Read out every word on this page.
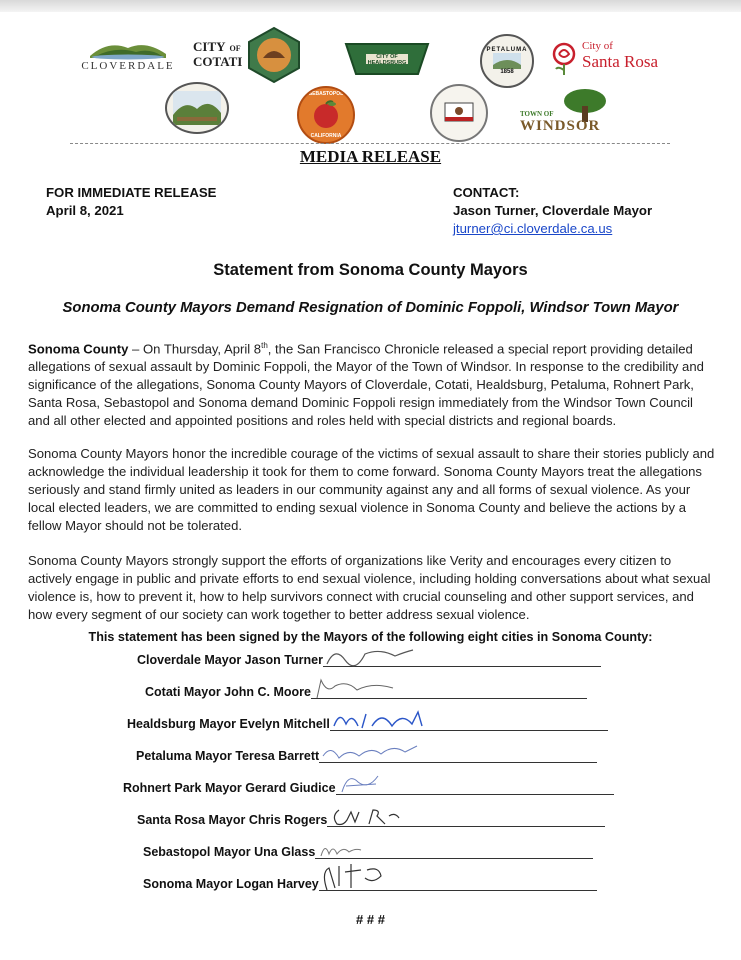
CLOVERDALE
CITY OF
COTATI	CITY OF HEALDSBURG
PETALUMA
1858
City of
Santa Rosa
SEBASTOPOL
CALIFORNIA
TOWN OF
WINDSOR
MEDIA RELEASE
FOR IMMEDIATE RELEASE
April 8, 2021
CONTACT:
Jason Turner, Cloverdale Mayor
jturner@ci.cloverdale.ca.us
Statement from Sonoma County Mayors
Sonoma County Mayors Demand Resignation of Dominic Foppoli, Windsor Town Mayor
Sonoma County – On Thursday, April 8th, the San Francisco Chronicle released a special report providing detailed allegations of sexual assault by Dominic Foppoli, the Mayor of the Town of Windsor. In response to the credibility and significance of the allegations, Sonoma County Mayors of Cloverdale, Cotati, Healdsburg, Petaluma, Rohnert Park, Santa Rosa, Sebastopol and Sonoma demand Dominic Foppoli resign immediately from the Windsor Town Council and all other elected and appointed positions and roles held with special districts and regional boards.
Sonoma County Mayors honor the incredible courage of the victims of sexual assault to share their stories publicly and acknowledge the individual leadership it took for them to come forward. Sonoma County Mayors treat the allegations seriously and stand firmly united as leaders in our community against any and all forms of sexual violence. As your local elected leaders, we are committed to ending sexual violence in Sonoma County and believe the actions by a fellow Mayor should not be tolerated.
Sonoma County Mayors strongly support the efforts of organizations like Verity and encourages every citizen to actively engage in public and private efforts to end sexual violence, including holding conversations about what sexual violence is, how to prevent it, how to help survivors connect with crucial counseling and other support services, and how every segment of our society can work together to better address sexual violence.
This statement has been signed by the Mayors of the following eight cities in Sonoma County:
Cloverdale Mayor Jason Turner
Cotati Mayor John C. Moore
Healdsburg Mayor Evelyn Mitchell
Petaluma Mayor Teresa Barrett
Rohnert Park Mayor Gerard Giudice
Santa Rosa Mayor Chris Rogers
Sebastopol Mayor Una Glass
Sonoma Mayor Logan Harvey
# # #
